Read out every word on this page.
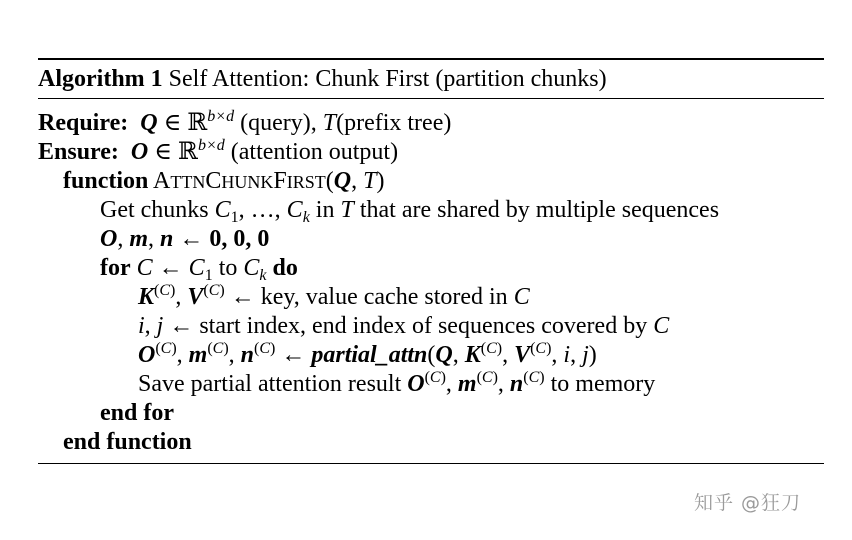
Algorithm 1 Self Attention: Chunk First (partition chunks)
Require: Q ∈ ℝ$^{b\times d}$ (query), T(prefix tree)
Ensure: O ∈ ℝ$^{b\times d}$ (attention output)
function ATTNCHUNKFIRST(Q, T)
Get chunks $C_1$, …, $C_k$ in T that are shared by multiple sequences
O, m, n ← 0, 0, 0
for C ← $C_1$ to $C_k$ do
$K^{(C)}$, $V^{(C)}$ ← key, value cache stored in C
i, j ← start index, end index of sequences covered by C
$O^{(C)}$, $m^{(C)}$, $n^{(C)}$ ← partial_attn(Q, $K^{(C)}$, $V^{(C)}$, i, j)
Save partial attention result $O^{(C)}$, $m^{(C)}$, $n^{(C)}$ to memory
end for
end function
知乎 @狂刀
